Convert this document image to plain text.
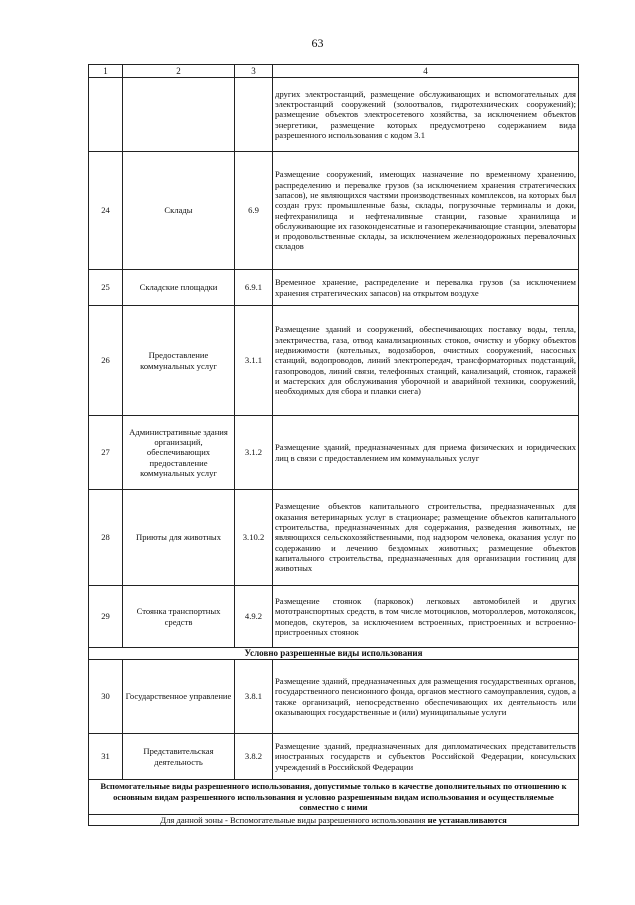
63
1	2	3	4
			других электростанций, размещение обслуживающих и вспомогательных для электростанций сооружений (золоотвалов, гидротехнических сооружений); размещение объектов электросетевого хозяйства, за исключением объектов энергетики, размещение которых предусмотрено содержанием вида разрешенного использования с кодом 3.1
24	Склады	6.9	Размещение сооружений, имеющих назначение по временному хранению, распределению и перевалке грузов (за исключением хранения стратегических запасов), не являющихся частями производственных комплексов, на которых был создан груз: промышленные базы, склады, погрузочные терминалы и доки, нефтехранилища и нефтеналивные станции, газовые хранилища и обслуживающие их газоконденсатные и газоперекачивающие станции, элеваторы и продовольственные склады, за исключением железнодорожных перевалочных складов
25	Складские площадки	6.9.1	Временное хранение, распределение и перевалка грузов (за исключением хранения стратегических запасов) на открытом воздухе
26	Предоставление коммунальных услуг	3.1.1	Размещение зданий и сооружений, обеспечивающих поставку воды, тепла, электричества, газа, отвод канализационных стоков, очистку и уборку объектов недвижимости (котельных, водозаборов, очистных сооружений, насосных станций, водопроводов, линий электропередач, трансформаторных подстанций, газопроводов, линий связи, телефонных станций, канализаций, стоянок, гаражей и мастерских для обслуживания уборочной и аварийной техники, сооружений, необходимых для сбора и плавки снега)
27	Административные здания организаций, обеспечивающих предоставление коммунальных услуг	3.1.2	Размещение зданий, предназначенных для приема физических и юридических лиц в связи с предоставлением им коммунальных услуг
28	Приюты для животных	3.10.2	Размещение объектов капитального строительства, предназначенных для оказания ветеринарных услуг в стационаре; размещение объектов капитального строительства, предназначенных для содержания, разведения животных, не являющихся сельскохозяйственными, под надзором человека, оказания услуг по содержанию и лечению бездомных животных; размещение объектов капитального строительства, предназначенных для организации гостиниц для животных
29	Стоянка транспортных средств	4.9.2	Размещение стоянок (парковок) легковых автомобилей и других мототранспортных средств, в том числе мотоциклов, мотороллеров, мотоколясок, мопедов, скутеров, за исключением встроенных, пристроенных и встроенно-пристроенных стоянок
Условно разрешенные виды использования			
30	Государственное управление	3.8.1	Размещение зданий, предназначенных для размещения государственных органов, государственного пенсионного фонда, органов местного самоуправления, судов, а также организаций, непосредственно обеспечивающих их деятельность или оказывающих государственные и (или) муниципальные услуги
31	Представительская деятельность	3.8.2	Размещение зданий, предназначенных для дипломатических представительств иностранных государств и субъектов Российской Федерации, консульских учреждений в Российской Федерации
Вспомогательные виды разрешенного использования, допустимые только в качестве дополнительных по отношению к основным видам разрешенного использования и условно разрешенным видам использования и осуществляемые совместно с ними			
Для данной зоны - Вспомогательные виды разрешенного использования не устанавливаются			
